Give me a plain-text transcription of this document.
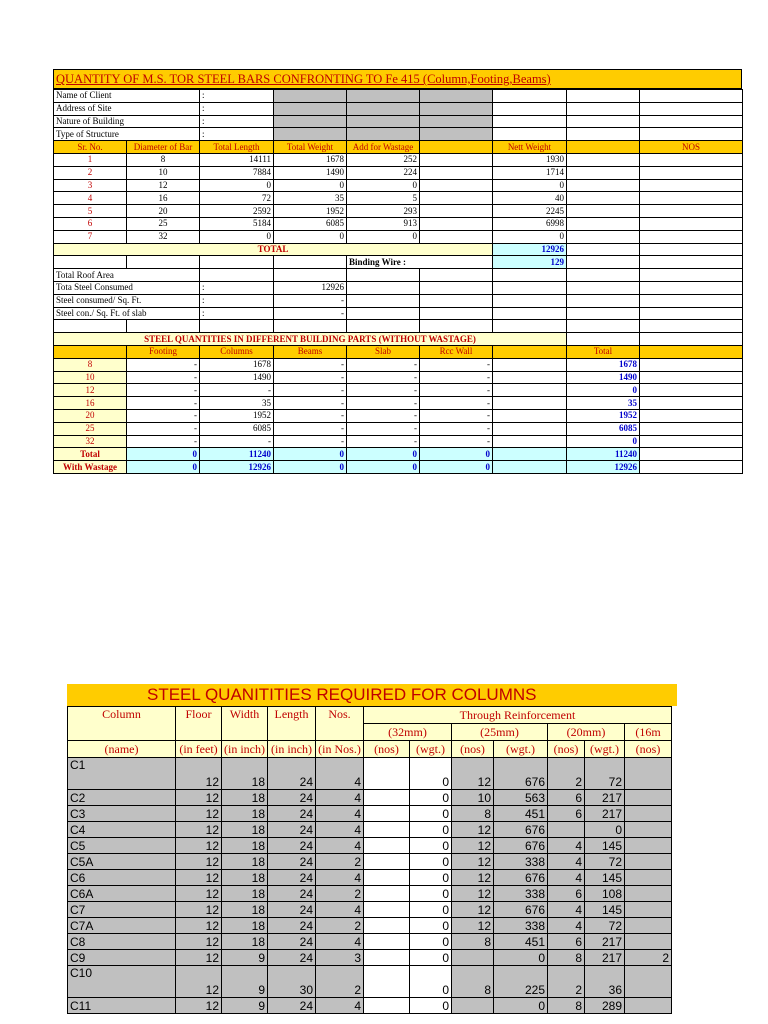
QUANTITY OF M.S. TOR STEEL BARS CONFRONTING TO Fe 415 (Column,Footing,Beams)
Name of Client		:						
Address of Site		:						
Nature of Building		:						
Type of Structure		:						
Sr. No.	Diameter of Bar	Total Length	Total Weight	Add for Wastage		Nett Weight		NOS
1	8	14111	1678	252		1930		
2	10	7884	1490	224		1714		
3	12	0	0	0		0		
4	16	72	35	5		40		
5	20	2592	1952	293		2245		
6	25	5184	6085	913		6998		
7	32	0	0	0		0		
TOTAL						12926		
				Binding Wire :		129		
Total Roof Area								
Tota Steel Consumed		:	12926					
Steel consumed/ Sq. Ft.		:	-					
Steel con./ Sq. Ft. of slab		:	-					

STEEL QUANTITIES IN DIFFERENT BUILDING PARTS (WITHOUT WASTAGE)								
	Footing	Columns	Beams	Slab	Rcc Wall		Total	
8	-	1678	-	-	-		1678	
10	-	1490	-	-	-		1490	
12	-	-	-	-	-		0	
16	-	35	-	-	-		35	
20	-	1952	-	-	-		1952	
25	-	6085	-	-	-		6085	
32	-	-	-	-	-		0	
Total	0	11240	0	0	0		11240	
With Wastage	0	12926	0	0	0		12926	
STEEL QUANITITIES REQUIRED FOR COLUMNS
Column	Floor	Width	Length	Nos.	Through Reinforcement						
					(32mm)		(25mm)		(20mm)		(16m
(name)	(in feet)	(in inch)	(in inch)	(in Nos.)	(nos)	(wgt.)	(nos)	(wgt.)	(nos)	(wgt.)	(nos)
C1	12	18	24	4		0	12	676	2	72	
C2	12	18	24	4		0	10	563	6	217	
C3	12	18	24	4		0	8	451	6	217	
C4	12	18	24	4		0	12	676		0	
C5	12	18	24	4		0	12	676	4	145	
C5A	12	18	24	2		0	12	338	4	72	
C6	12	18	24	4		0	12	676	4	145	
C6A	12	18	24	2		0	12	338	6	108	
C7	12	18	24	4		0	12	676	4	145	
C7A	12	18	24	2		0	12	338	4	72	
C8	12	18	24	4		0	8	451	6	217	
C9	12	9	24	3		0		0	8	217	2
C10	12	9	30	2		0	8	225	2	36	
C11	12	9	24	4		0		0	8	289	
